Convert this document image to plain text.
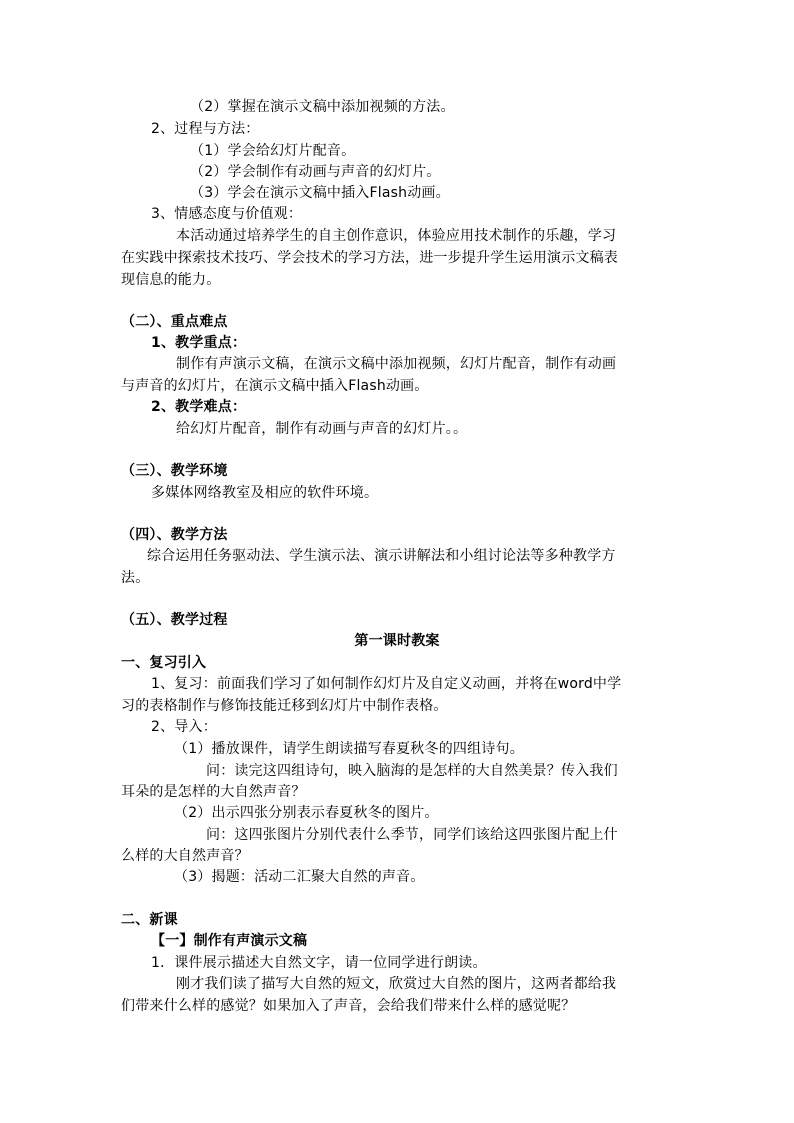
（2）掌握在演示文稿中添加视频的方法。
2、过程与方法：
（1）学会给幻灯片配音。
（2）学会制作有动画与声音的幻灯片。
（3）学会在演示文稿中插入Flash动画。
3、情感态度与价值观：
本活动通过培养学生的自主创作意识，体验应用技术制作的乐趣，学习
在实践中探索技术技巧、学会技术的学习方法，进一步提升学生运用演示文稿表
现信息的能力。
（二）、重点难点
1、教学重点：
制作有声演示文稿，在演示文稿中添加视频，幻灯片配音，制作有动画
与声音的幻灯片，在演示文稿中插入Flash动画。
2、教学难点：
给幻灯片配音，制作有动画与声音的幻灯片。。
（三）、教学环境
多媒体网络教室及相应的软件环境。
（四）、教学方法
综合运用任务驱动法、学生演示法、演示讲解法和小组讨论法等多种教学方
法。
（五）、教学过程
第一课时教案
一、复习引入
1、复习：前面我们学习了如何制作幻灯片及自定义动画，并将在word中学
习的表格制作与修饰技能迁移到幻灯片中制作表格。
2、导入：
（1）播放课件，请学生朗读描写春夏秋冬的四组诗句。
问：读完这四组诗句，映入脑海的是怎样的大自然美景？传入我们
耳朵的是怎样的大自然声音？
（2）出示四张分别表示春夏秋冬的图片。
问：这四张图片分别代表什么季节，同学们该给这四张图片配上什
么样的大自然声音？
（3）揭题：活动二汇聚大自然的声音。
二、新课
【一】制作有声演示文稿
1．课件展示描述大自然文字，请一位同学进行朗读。
刚才我们读了描写大自然的短文，欣赏过大自然的图片，这两者都给我
们带来什么样的感觉？如果加入了声音，会给我们带来什么样的感觉呢？
